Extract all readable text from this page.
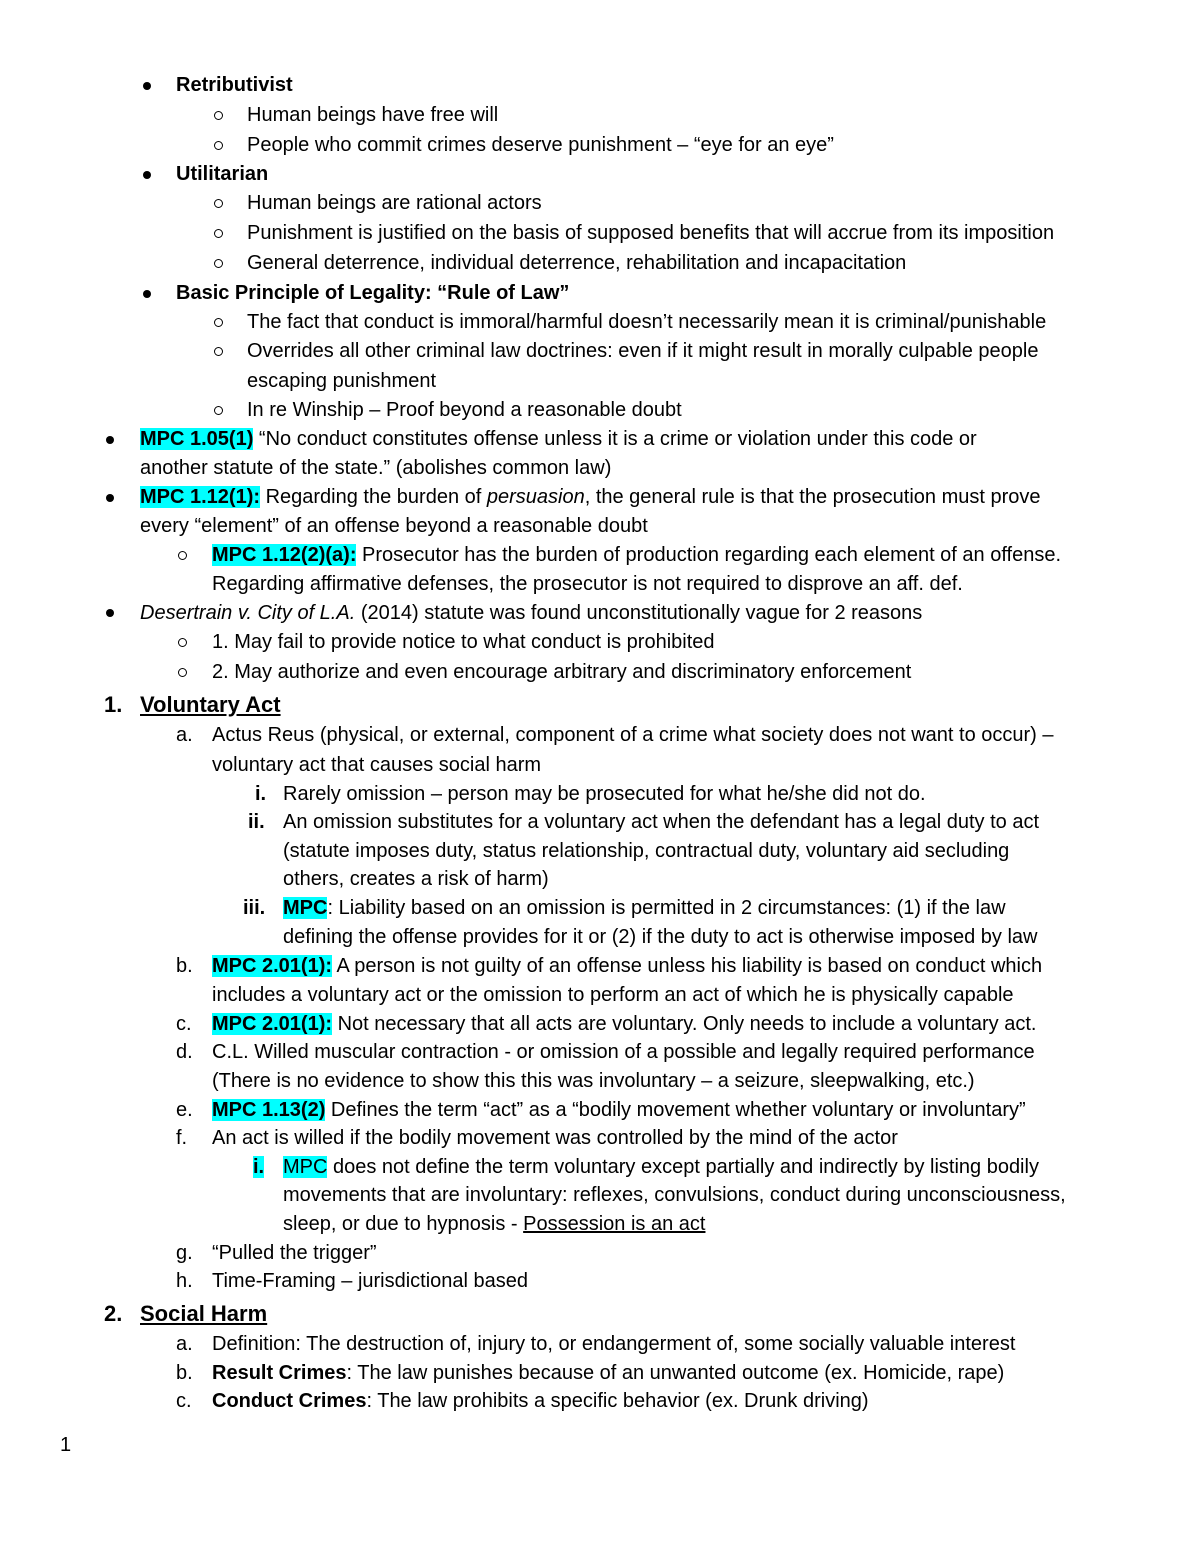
Retributivist
Human beings have free will
People who commit crimes deserve punishment – “eye for an eye”
Utilitarian
Human beings are rational actors
Punishment is justified on the basis of supposed benefits that will accrue from its imposition
General deterrence, individual deterrence, rehabilitation and incapacitation
Basic Principle of Legality: “Rule of Law”
The fact that conduct is immoral/harmful doesn’t necessarily mean it is criminal/punishable
Overrides all other criminal law doctrines: even if it might result in morally culpable people
escaping punishment
In re Winship – Proof beyond a reasonable doubt
MPC 1.05(1) “No conduct constitutes offense unless it is a crime or violation under this code or
another statute of the state.” (abolishes common law)
MPC 1.12(1): Regarding the burden of persuasion, the general rule is that the prosecution must prove
every “element” of an offense beyond a reasonable doubt
MPC 1.12(2)(a): Prosecutor has the burden of production regarding each element of an offense.
Regarding affirmative defenses, the prosecutor is not required to disprove an aff. def.
Desertrain v. City of L.A. (2014) statute was found unconstitutionally vague for 2 reasons
1. May fail to provide notice to what conduct is prohibited
2. May authorize and even encourage arbitrary and discriminatory enforcement
1. Voluntary Act
a. Actus Reus (physical, or external, component of a crime what society does not want to occur) –
voluntary act that causes social harm
i. Rarely omission – person may be prosecuted for what he/she did not do.
ii. An omission substitutes for a voluntary act when the defendant has a legal duty to act
(statute imposes duty, status relationship, contractual duty, voluntary aid secluding
others, creates a risk of harm)
iii. MPC: Liability based on an omission is permitted in 2 circumstances: (1) if the law
defining the offense provides for it or (2) if the duty to act is otherwise imposed by law
b. MPC 2.01(1): A person is not guilty of an offense unless his liability is based on conduct which
includes a voluntary act or the omission to perform an act of which he is physically capable
c. MPC 2.01(1): Not necessary that all acts are voluntary. Only needs to include a voluntary act.
d. C.L. Willed muscular contraction - or omission of a possible and legally required performance
(There is no evidence to show this this was involuntary – a seizure, sleepwalking, etc.)
e. MPC 1.13(2) Defines the term “act” as a “bodily movement whether voluntary or involuntary”
f. An act is willed if the bodily movement was controlled by the mind of the actor
i. MPC does not define the term voluntary except partially and indirectly by listing bodily
movements that are involuntary: reflexes, convulsions, conduct during unconsciousness,
sleep, or due to hypnosis - Possession is an act
g. “Pulled the trigger”
h. Time-Framing – jurisdictional based
2. Social Harm
a. Definition: The destruction of, injury to, or endangerment of, some socially valuable interest
b. Result Crimes: The law punishes because of an unwanted outcome (ex. Homicide, rape)
c. Conduct Crimes: The law prohibits a specific behavior (ex. Drunk driving)
1
